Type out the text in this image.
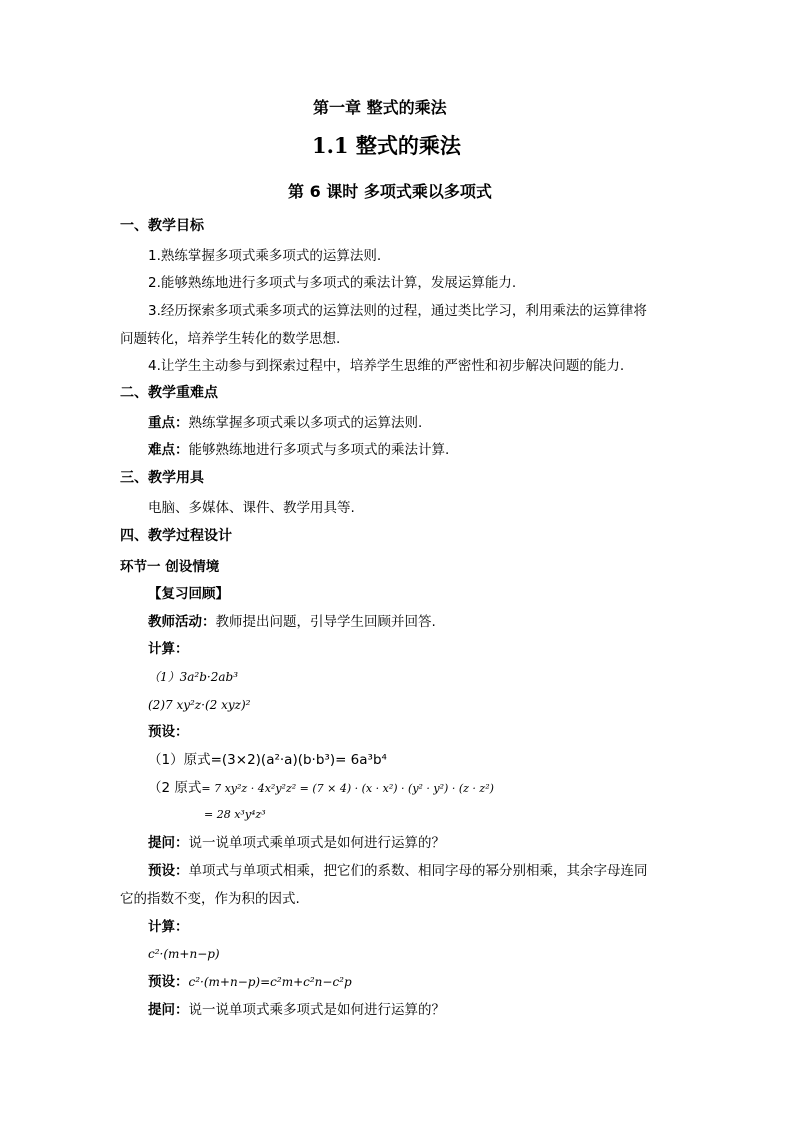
第一章 整式的乘法
1.1 整式的乘法
第 6 课时 多项式乘以多项式
一、教学目标
1.熟练掌握多项式乘多项式的运算法则.
2.能够熟练地进行多项式与多项式的乘法计算，发展运算能力.
3.经历探索多项式乘多项式的运算法则的过程，通过类比学习，利用乘法的运算律将
问题转化，培养学生转化的数学思想.
4.让学生主动参与到探索过程中，培养学生思维的严密性和初步解决问题的能力.
二、教学重难点
重点：熟练掌握多项式乘以多项式的运算法则.
难点：能够熟练地进行多项式与多项式的乘法计算.
三、教学用具
电脑、多媒体、课件、教学用具等.
四、教学过程设计
环节一 创设情境
【复习回顾】
教师活动：教师提出问题，引导学生回顾并回答.
计算：
（1）3a²b·2ab³
(2)7 xy²z·(2 xyz)²
预设：
（1）原式=(3×2)(a²·a)(b·b³)= 6a³b⁴
（2 原式= 7 xy²z · 4x²y²z² = (7 × 4) · (x · x²) · (y² · y²) · (z · z²)
= 28 x³y⁴z³
提问：说一说单项式乘单项式是如何进行运算的？
预设：单项式与单项式相乘，把它们的系数、相同字母的幂分别相乘，其余字母连同
它的指数不变，作为积的因式.
计算：
c²·(m+n−p)
预设：c²·(m+n−p)=c²m+c²n−c²p
提问：说一说单项式乘多项式是如何进行运算的？
